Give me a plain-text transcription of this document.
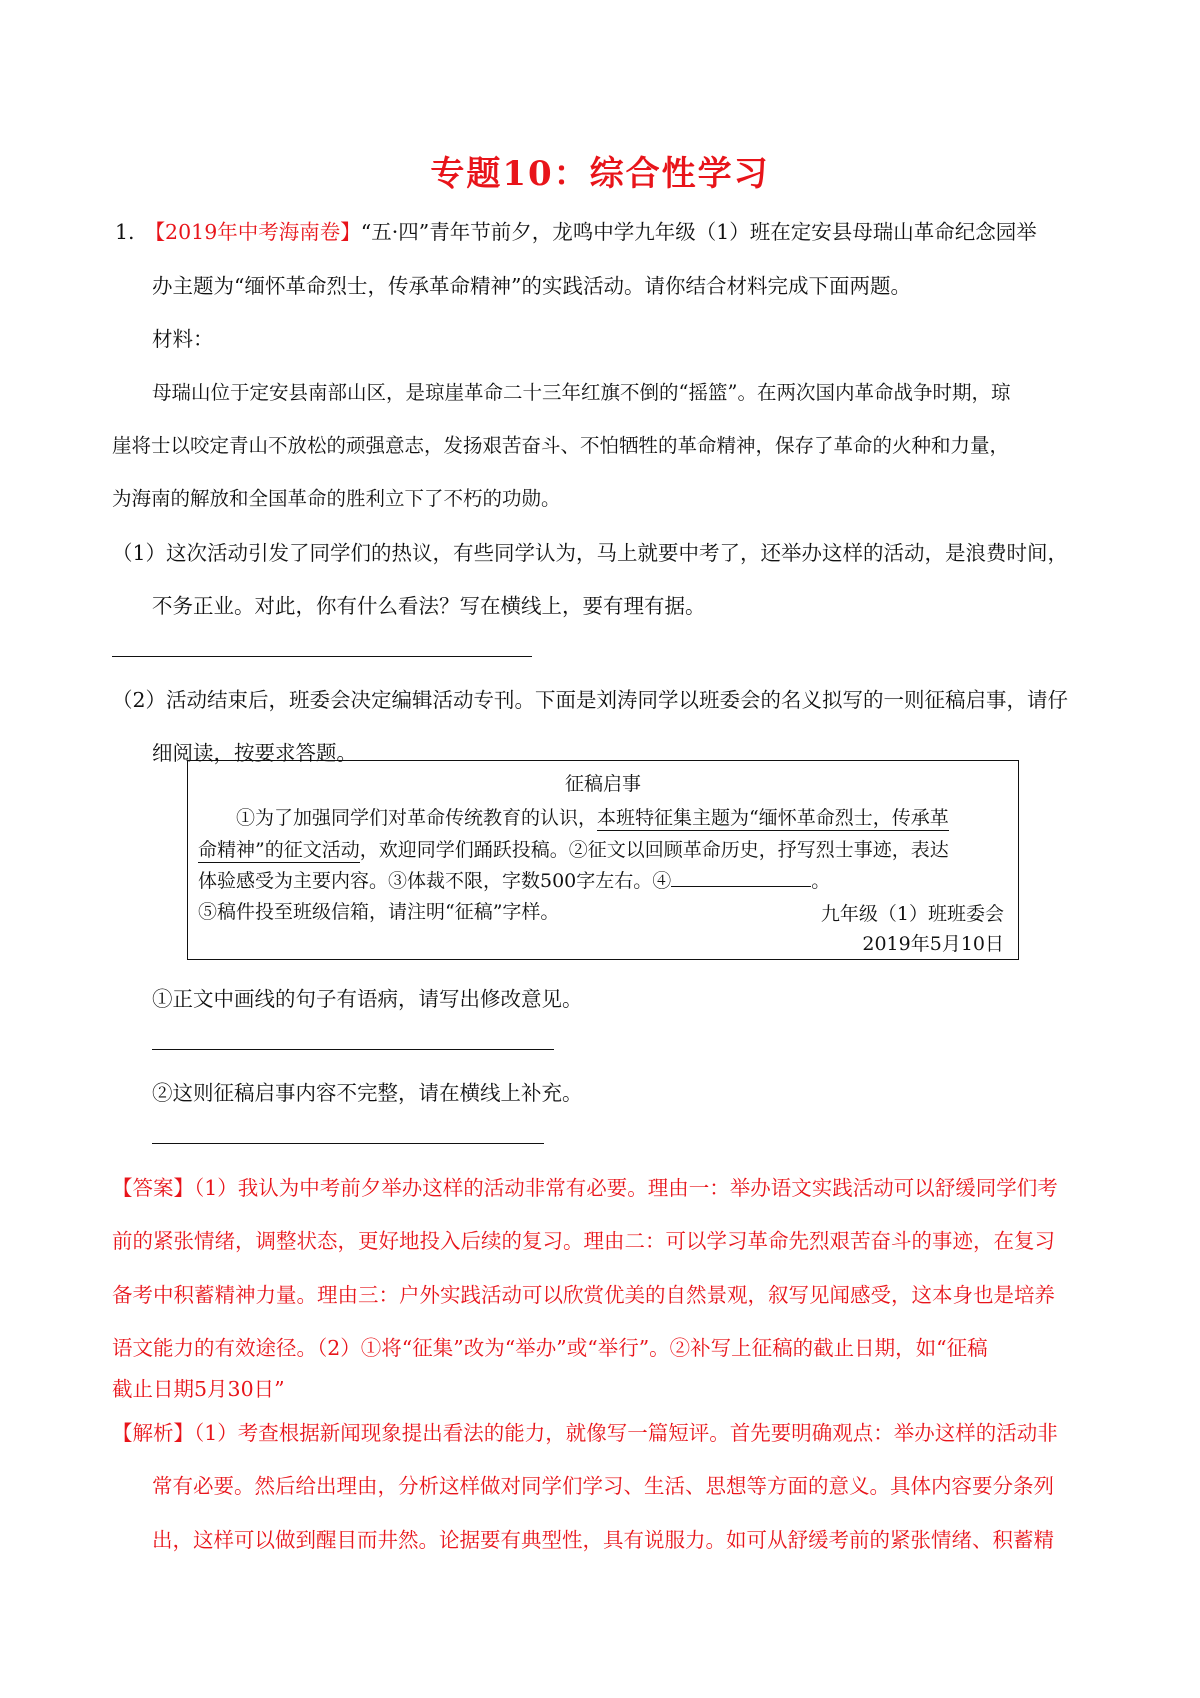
专题10：综合性学习
1. 【2019年中考海南卷】“五·四”青年节前夕，龙鸣中学九年级（1）班在定安县母瑞山革命纪念园举
办主题为“缅怀革命烈士，传承革命精神”的实践活动。请你结合材料完成下面两题。
材料：
母瑞山位于定安县南部山区，是琼崖革命二十三年红旗不倒的“摇篮”。在两次国内革命战争时期，琼
崖将士以咬定青山不放松的顽强意志，发扬艰苦奋斗、不怕牺牲的革命精神，保存了革命的火种和力量，
为海南的解放和全国革命的胜利立下了不朽的功勋。
（1）这次活动引发了同学们的热议，有些同学认为，马上就要中考了，还举办这样的活动，是浪费时间，
不务正业。对此，你有什么看法？写在横线上，要有理有据。
（2）活动结束后，班委会决定编辑活动专刊。下面是刘涛同学以班委会的名义拟写的一则征稿启事，请仔
细阅读，按要求答题。
征稿启事
①为了加强同学们对革命传统教育的认识，本班特征集主题为“缅怀革命烈士，传承革
命精神”的征文活动，欢迎同学们踊跃投稿。②征文以回顾革命历史，抒写烈士事迹，表达
体验感受为主要内容。③体裁不限，字数500字左右。④	。
⑤稿件投至班级信箱，请注明“征稿”字样。	九年级（1）班班委会
2019年5月10日
①正文中画线的句子有语病，请写出修改意见。
②这则征稿启事内容不完整，请在横线上补充。
【答案】（1）我认为中考前夕举办这样的活动非常有必要。理由一：举办语文实践活动可以舒缓同学们考
前的紧张情绪，调整状态，更好地投入后续的复习。理由二：可以学习革命先烈艰苦奋斗的事迹，在复习
备考中积蓄精神力量。理由三：户外实践活动可以欣赏优美的自然景观，叙写见闻感受，这本身也是培养
语文能力的有效途径。（2）①将“征集”改为“举办”或“举行”。②补写上征稿的截止日期，如“征稿
截止日期5月30日”
【解析】（1）考查根据新闻现象提出看法的能力，就像写一篇短评。首先要明确观点：举办这样的活动非
常有必要。然后给出理由，分析这样做对同学们学习、生活、思想等方面的意义。具体内容要分条列
出，这样可以做到醒目而井然。论据要有典型性，具有说服力。如可从舒缓考前的紧张情绪、积蓄精
